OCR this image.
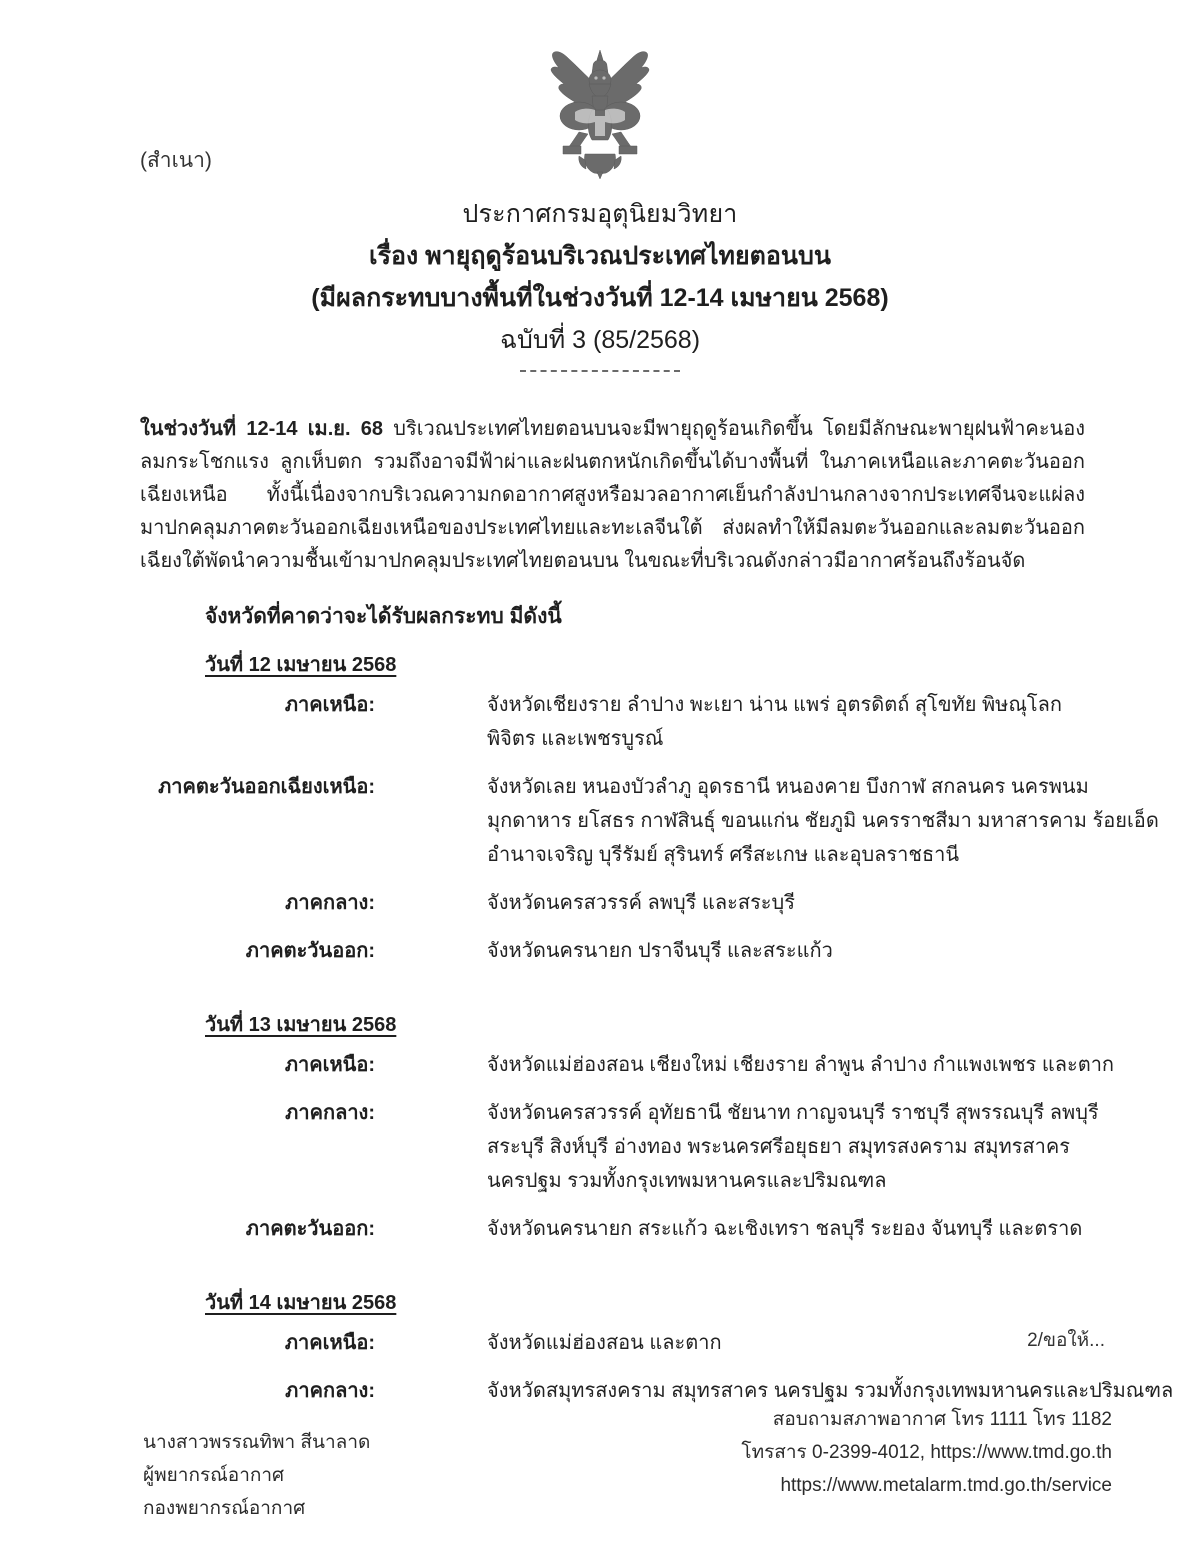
(สำเนา)
ประกาศกรมอุตุนิยมวิทยา
เรื่อง พายุฤดูร้อนบริเวณประเทศไทยตอนบน
(มีผลกระทบบางพื้นที่ในช่วงวันที่ 12-14 เมษายน 2568)
ฉบับที่ 3 (85/2568)
ในช่วงวันที่ 12-14 เม.ย. 68 บริเวณประเทศไทยตอนบนจะมีพายุฤดูร้อนเกิดขึ้น โดยมีลักษณะพายุฝนฟ้าคะนอง ลมกระโชกแรง ลูกเห็บตก รวมถึงอาจมีฟ้าผ่าและฝนตกหนักเกิดขึ้นได้บางพื้นที่ ในภาคเหนือและภาคตะวันออกเฉียงเหนือ ทั้งนี้เนื่องจากบริเวณความกดอากาศสูงหรือมวลอากาศเย็นกำลังปานกลางจากประเทศจีนจะแผ่ลงมาปกคลุมภาคตะวันออกเฉียงเหนือของประเทศไทยและทะเลจีนใต้ ส่งผลทำให้มีลมตะวันออกและลมตะวันออกเฉียงใต้พัดนำความชื้นเข้ามาปกคลุมประเทศไทยตอนบน ในขณะที่บริเวณดังกล่าวมีอากาศร้อนถึงร้อนจัด
จังหวัดที่คาดว่าจะได้รับผลกระทบ มีดังนี้
วันที่ 12 เมษายน 2568
ภาคเหนือ:	จังหวัดเชียงราย ลำปาง พะเยา น่าน แพร่ อุตรดิตถ์ สุโขทัย พิษณุโลก
พิจิตร และเพชรบูรณ์
ภาคตะวันออกเฉียงเหนือ:	จังหวัดเลย หนองบัวลำภู อุดรธานี หนองคาย บึงกาฬ สกลนคร นครพนม
มุกดาหาร ยโสธร กาฬสินธุ์ ขอนแก่น ชัยภูมิ นครราชสีมา มหาสารคาม ร้อยเอ็ด
อำนาจเจริญ บุรีรัมย์ สุรินทร์ ศรีสะเกษ และอุบลราชธานี
ภาคกลาง:	จังหวัดนครสวรรค์ ลพบุรี และสระบุรี
ภาคตะวันออก:	จังหวัดนครนายก ปราจีนบุรี และสระแก้ว
วันที่ 13 เมษายน 2568
ภาคเหนือ:	จังหวัดแม่ฮ่องสอน เชียงใหม่ เชียงราย ลำพูน ลำปาง กำแพงเพชร และตาก
ภาคกลาง:	จังหวัดนครสวรรค์ อุทัยธานี ชัยนาท กาญจนบุรี ราชบุรี สุพรรณบุรี ลพบุรี
สระบุรี สิงห์บุรี อ่างทอง พระนครศรีอยุธยา สมุทรสงคราม สมุทรสาคร
นครปฐม รวมทั้งกรุงเทพมหานครและปริมณฑล
ภาคตะวันออก:	จังหวัดนครนายก สระแก้ว ฉะเชิงเทรา ชลบุรี ระยอง จันทบุรี และตราด
วันที่ 14 เมษายน 2568
ภาคเหนือ:	จังหวัดแม่ฮ่องสอน และตาก
ภาคกลาง:	จังหวัดสมุทรสงคราม สมุทรสาคร นครปฐม รวมทั้งกรุงเทพมหานครและปริมณฑล
2/ขอให้...
นางสาวพรรณทิพา สีนาลาด
ผู้พยากรณ์อากาศ
กองพยากรณ์อากาศ
สอบถามสภาพอากาศ โทร 1111 โทร 1182
โทรสาร 0-2399-4012, https://www.tmd.go.th
https://www.metalarm.tmd.go.th/service
